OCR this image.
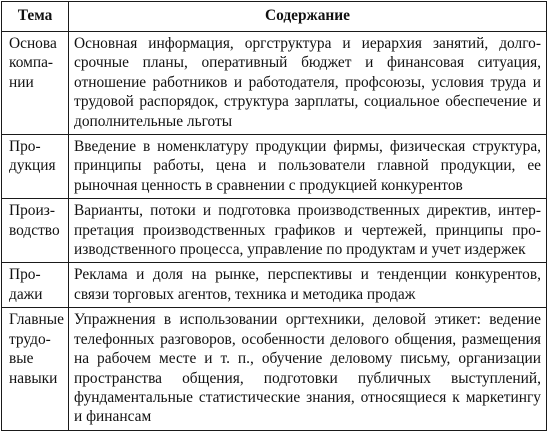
Тема	Содержание
Основа компании	Основная информация, оргструктура и иерархия занятий, долгосрочные планы, оперативный бюджет и финансовая ситуация, отношение работников и работодателя, профсоюзы, условия труда и трудовой распорядок, структура зарплаты, социальное обеспечение и дополнительные льготы
Продукция	Введение в номенклатуру продукции фирмы, физическая структура, принципы работы, цена и пользователи главной продукции, ее рыночная ценность в сравнении с продукцией конкурентов
Производство	Варианты, потоки и подготовка производственных директив, интерпретация производственных графиков и чертежей, принципы производственного процесса, управление по продуктам и учет издержек
Продажи	Реклама и доля на рынке, перспективы и тенденции конкурентов, связи торговых агентов, техника и методика продаж
Главные трудовые навыки	Упражнения в использовании оргтехники, деловой этикет: ведение телефонных разговоров, особенности делового общения, размещения на рабочем месте и т. п., обучение деловому письму, организации пространства общения, подготовки публичных выступлений, фундаментальные статистические знания, относящиеся к маркетингу и финансам
